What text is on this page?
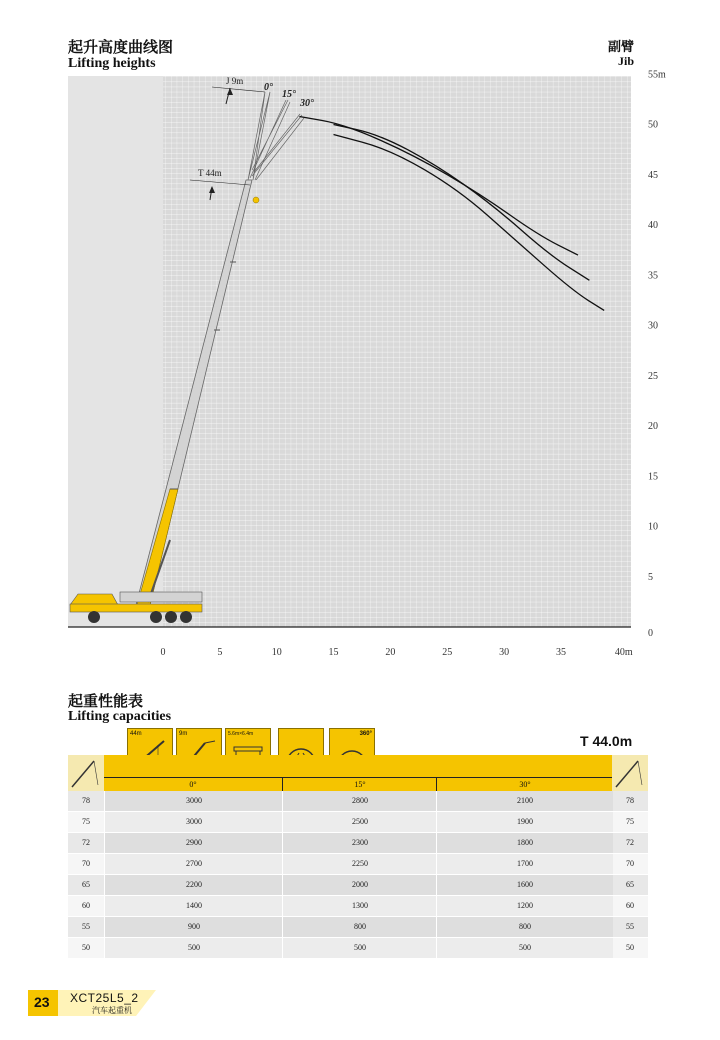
起升高度曲线图
Lifting heights
副臂
Jib
J 9m
T 44m
0°
15°
30°
0	5	10	15	20	25	30	35	40m
0
5
10
15
20
25
30
35
40
45
50
55m
起重性能表
Lifting capacities
44m	9m	5.6m×6.4m	360°	T 44.0m
0°	15°	30°
78	3000	2800	2100	78
75	3000	2500	1900	75
72	2900	2300	1800	72
70	2700	2250	1700	70
65	2200	2000	1600	65
60	1400	1300	1200	60
55	900	800	800	55
50	500	500	500	50
23 XCT25L5_2
汽车起重机
